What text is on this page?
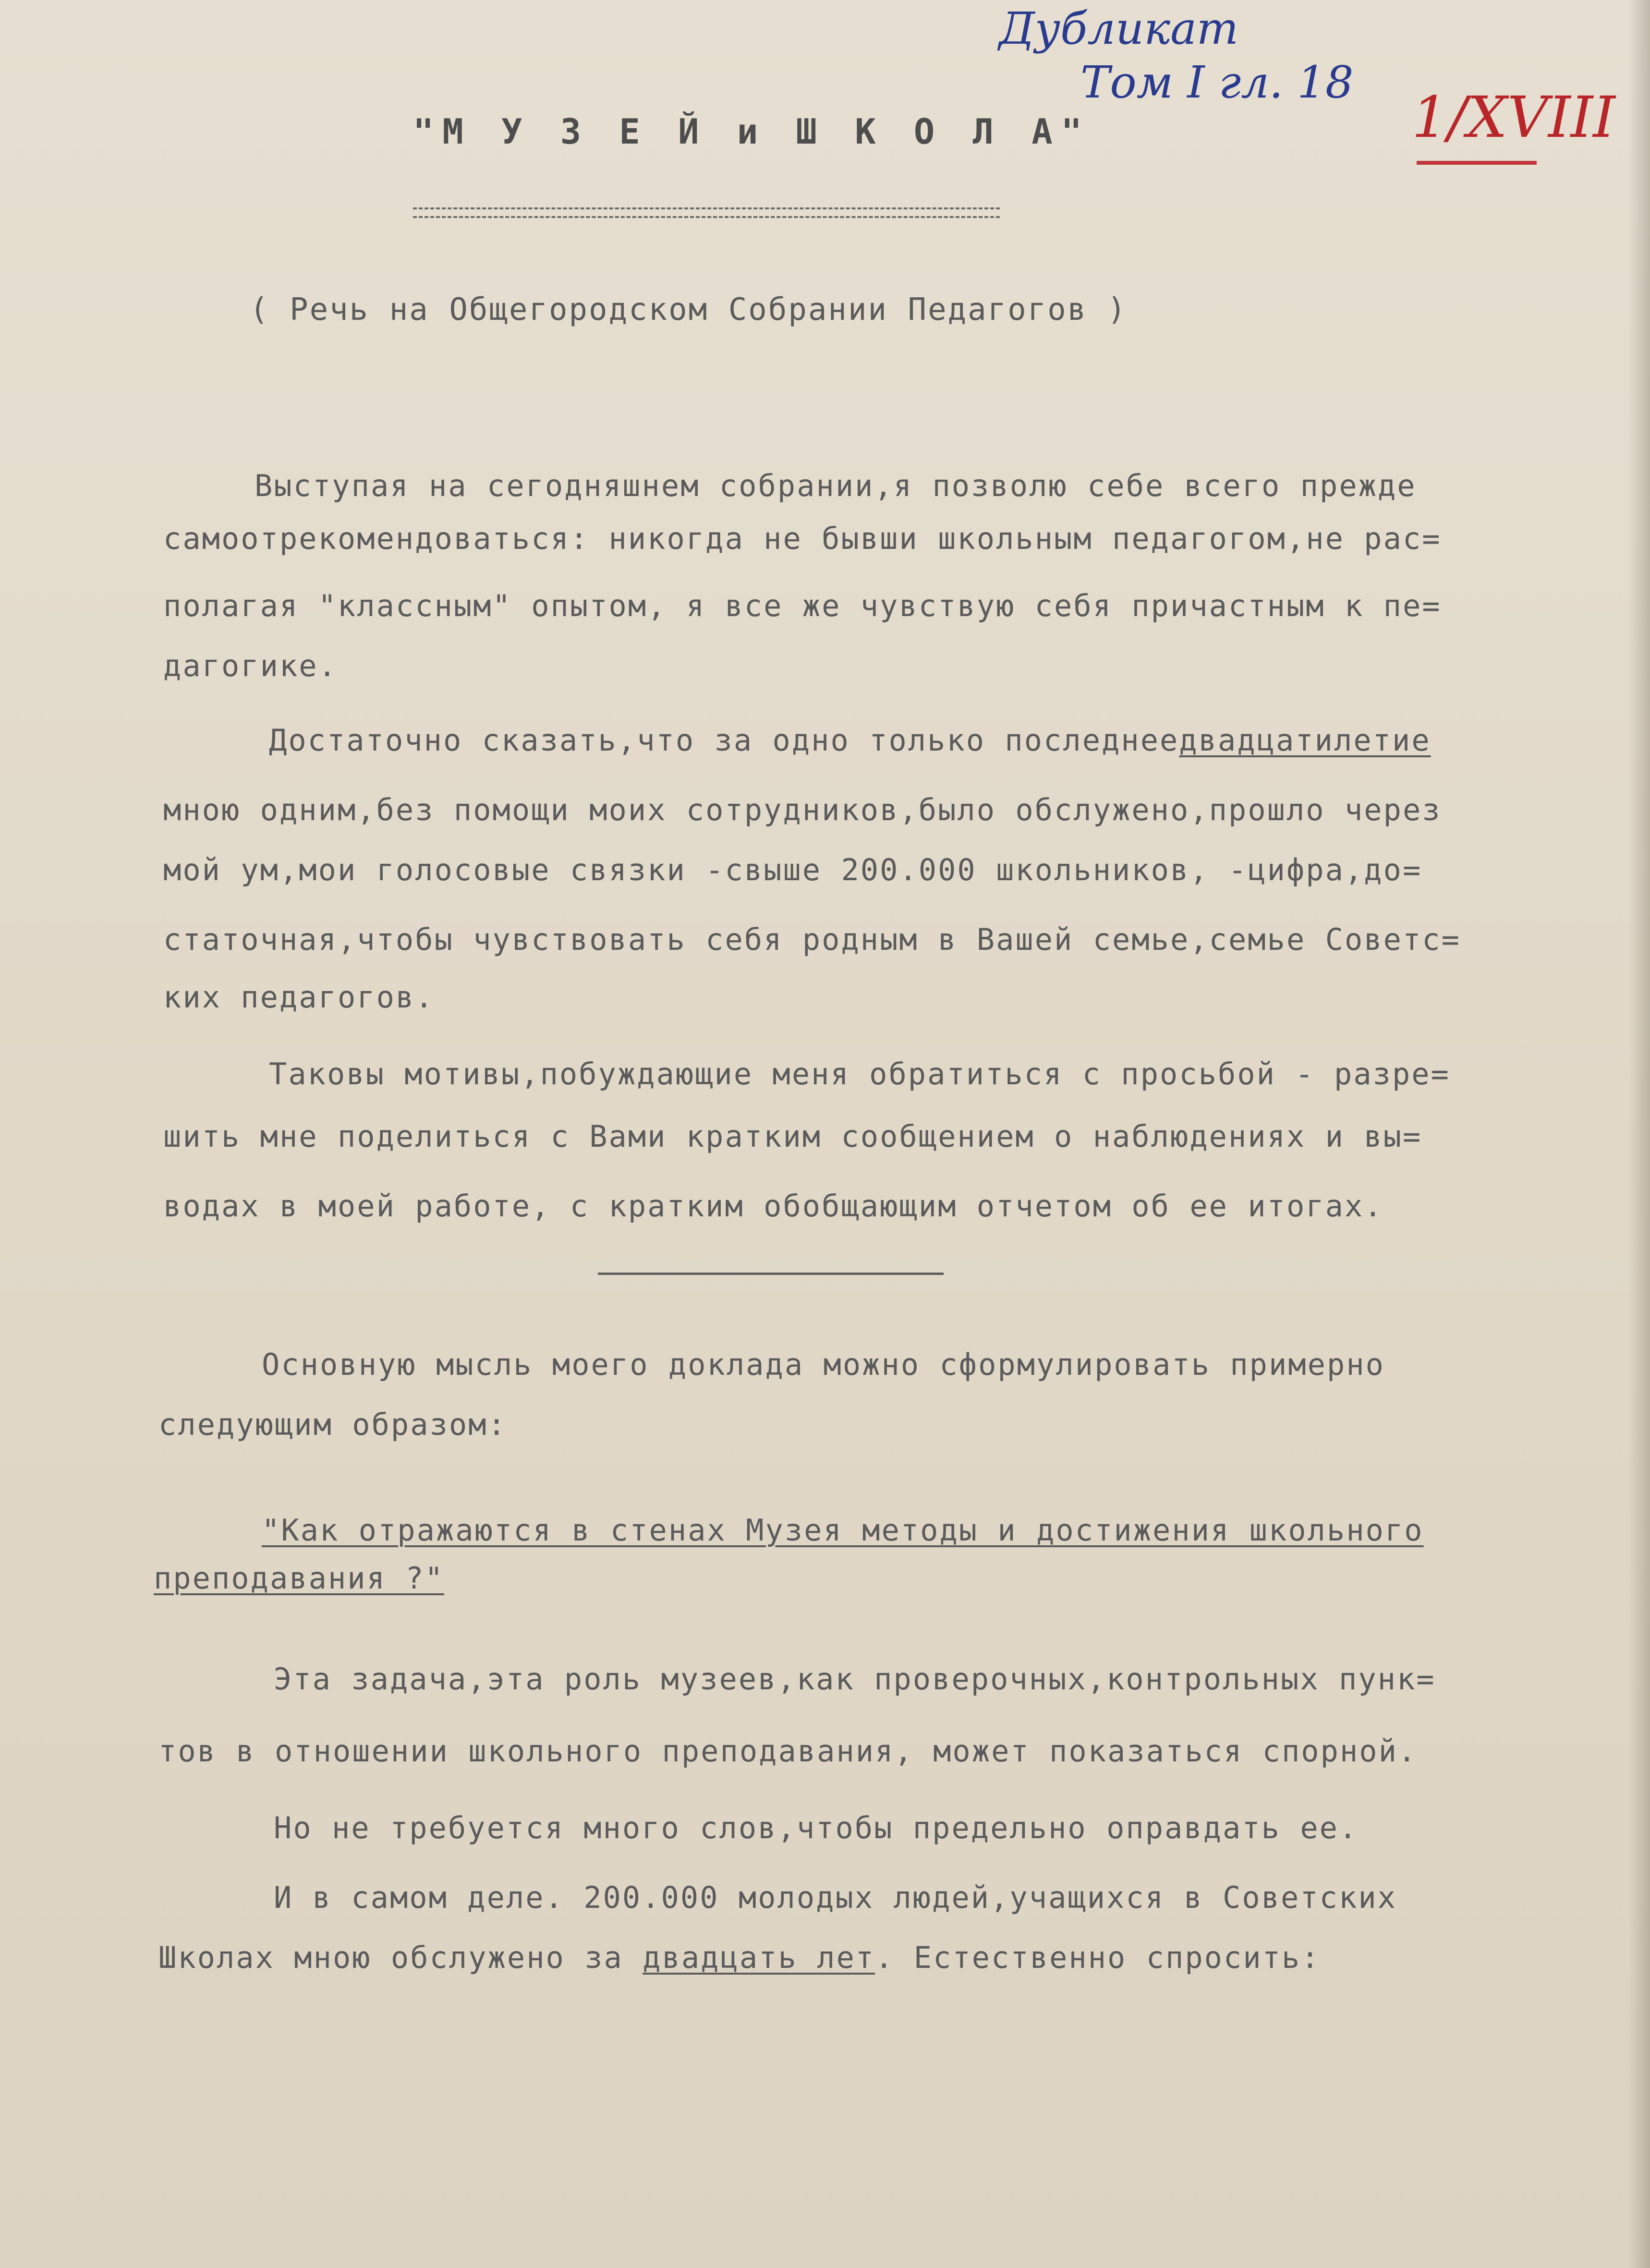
Дубликат
Том I гл. 18
1/XVIII
"М У З Е Й и Ш К О Л А"
( Речь на Общегородском Собрании Педагогов )
Выступая на сегодняшнем собрании,я позволю себе всего прежде
самоотрекомендоваться: никогда не бывши школьным педагогом,не рас=
полагая "классным" опытом, я все же чувствую себя причастным к пе=
дагогике.
Достаточно сказать,что за одно только последнеедвадцатилетие
мною одним,без помощи моих сотрудников,было обслужено,прошло через
мой ум,мои голосовые связки -свыше 200.000 школьников, -цифра,до=
статочная,чтобы чувствовать себя родным в Вашей семье,семье Советс=
ких педагогов.
Таковы мотивы,побуждающие меня обратиться с просьбой - разре=
шить мне поделиться с Вами кратким сообщением о наблюдениях и вы=
водах в моей работе, с кратким обобщающим отчетом об ее итогах.
Основную мысль моего доклада можно сформулировать примерно
следующим образом:
"Как отражаются в стенах Музея методы и достижения школьного
преподавания ?"
Эта задача,эта роль музеев,как проверочных,контрольных пунк=
тов в отношении школьного преподавания, может показаться спорной.
Но не требуется много слов,чтобы предельно оправдать ее.
И в самом деле. 200.000 молодых людей,учащихся в Советских
Школах мною обслужено за двадцать лет. Естественно спросить:
